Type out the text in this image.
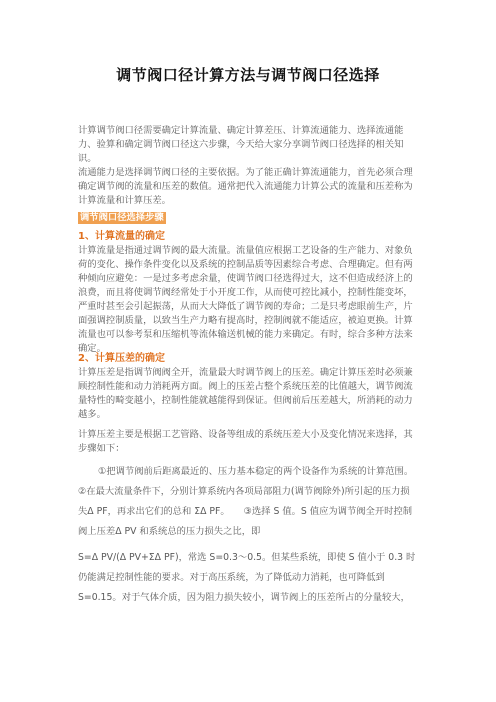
调节阀口径计算方法与调节阀口径选择

计算调节阀口径需要确定计算流量、确定计算差压、计算流通能力、选择流通能力、验算和确定调节阀口径这六步骤，今天给大家分享调节阀口径选择的相关知识。

流通能力是选择调节阀口径的主要依据。为了能正确计算流通能力，首先必须合理确定调节阀的流量和压差的数值。通常把代入流通能力计算公式的流量和压差称为计算流量和计算压差。

调节阀口径选择步骤

1、计算流量的确定

计算流量是指通过调节阀的最大流量。流量值应根据工艺设备的生产能力、对象负荷的变化、操作条件变化以及系统的控制品质等因素综合考虑、合理确定。但有两种倾向应避免：一是过多考虑余量，使调节阀口径选得过大，这不但造成经济上的浪费，而且将使调节阀经常处于小开度工作，从而使可控比减小，控制性能变坏，严重时甚至会引起振荡，从而大大降低了调节阀的寿命；二是只考虑眼前生产，片面强调控制质量，以致当生产力略有提高时，控制阀就不能适应，被迫更换。计算流量也可以参考泵和压缩机等流体输送机械的能力来确定。有时，综合多种方法来确定。

2、计算压差的确定

计算压差是指调节阀阀全开，流量最大时调节阀上的压差。确定计算压差时必须兼顾控制性能和动力消耗两方面。阀上的压差占整个系统压差的比值越大，调节阀流量特性的畸变越小，控制性能就越能得到保证。但阀前后压差越大，所消耗的动力越多。

计算压差主要是根据工艺管路、设备等组成的系统压差大小及变化情况来选择，其步骤如下：

①把调节阀前后距离最近的、压力基本稳定的两个设备作为系统的计算范围。　　②在最大流量条件下，分别计算系统内各项局部阻力(调节阀除外)所引起的压力损失Δ PF，再求出它们的总和 ΣΔ PF。　　③选择 S 值。S 值应为调节阀全开时控制阀上压差Δ PV 和系统总的压力损失之比，即

S=Δ PV/(Δ PV+ΣΔ PF)，常选 S=0.3～0.5。但某些系统，即使 S 值小于 0.3 时仍能满足控制性能的要求。对于高压系统，为了降低动力消耗，也可降低到 S=0.15。对于气体介质，因为阻力损失较小，调节阀上的压差所占的分量较大，
